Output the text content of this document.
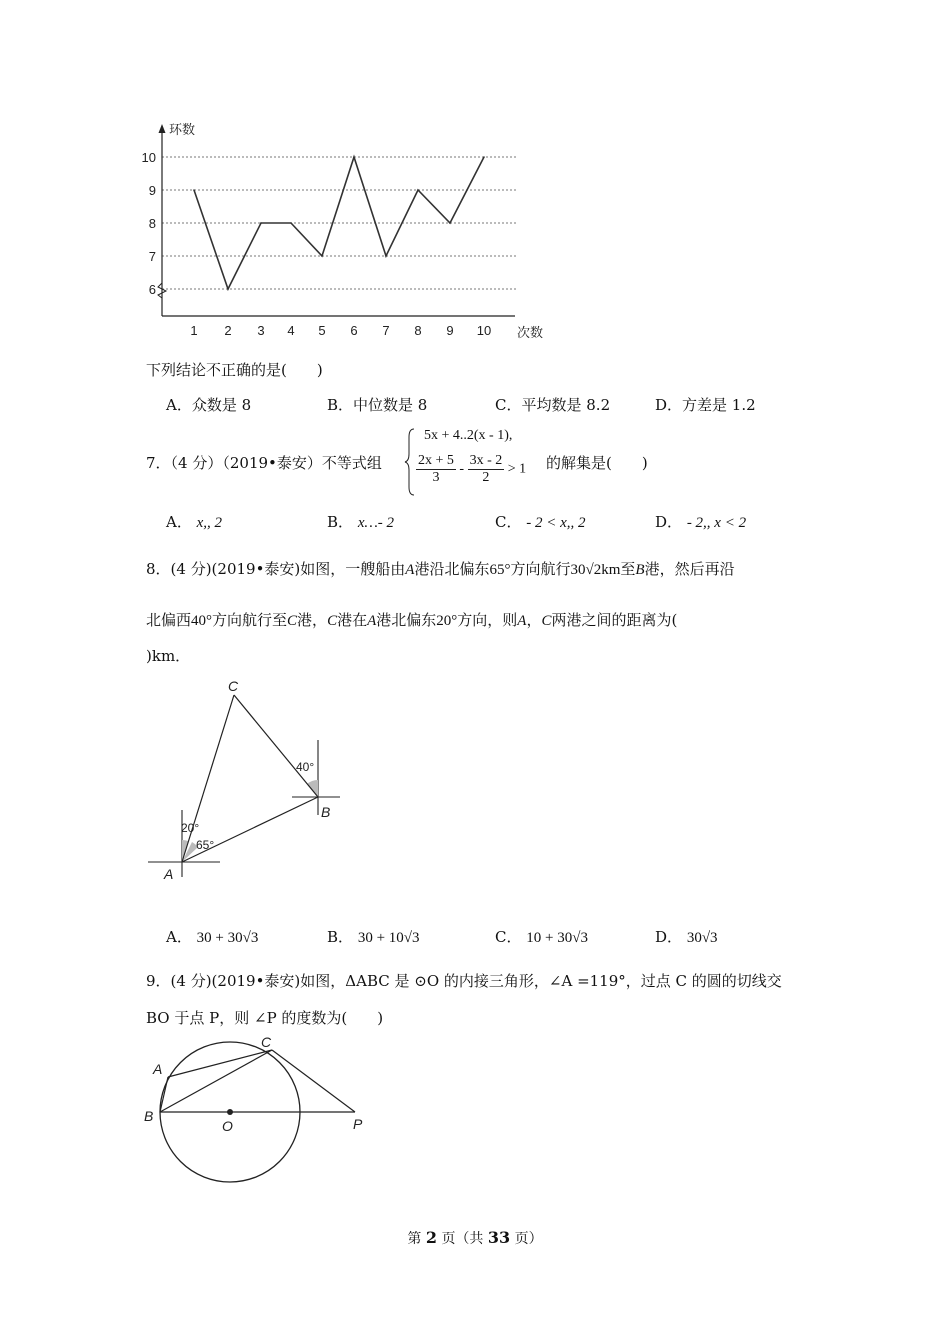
环数
次数
6
7
8
9
10
1 2 3 4 5 6 7 8 9 10
下列结论不正确的是(　　)
A．众数是 8	B．中位数是 8	C．平均数是 8.2	D．方差是 1.2
7．（4 分）（2019•泰安）不等式组
5x + 4..2(x - 1),
$\frac{2x + 5}{3} - \frac{3x - 2}{2} > 1$ 的解集是(　　)
A． x,, 2	B． x…- 2	C． - 2 < x,, 2	D． - 2,, x < 2
8．(4 分)(2019•泰安)如图，一艘船由A港沿北偏东65°方向航行30√2km至B港，然后再沿
北偏西40°方向航行至C港，C港在A港北偏东20°方向，则A，C两港之间的距离为(
)km．
C
B
A
40°
20°
65°
A． 30 + 30√3	B． 30 + 10√3	C． 10 + 30√3	D． 30√3
9．(4 分)(2019•泰安)如图，ΔABC 是 ⊙O 的内接三角形，∠A =119°，过点 C 的圆的切线交
BO 于点 P，则 ∠P 的度数为(　　)
A
B
C
O	P
第 2 页（共 33 页）
